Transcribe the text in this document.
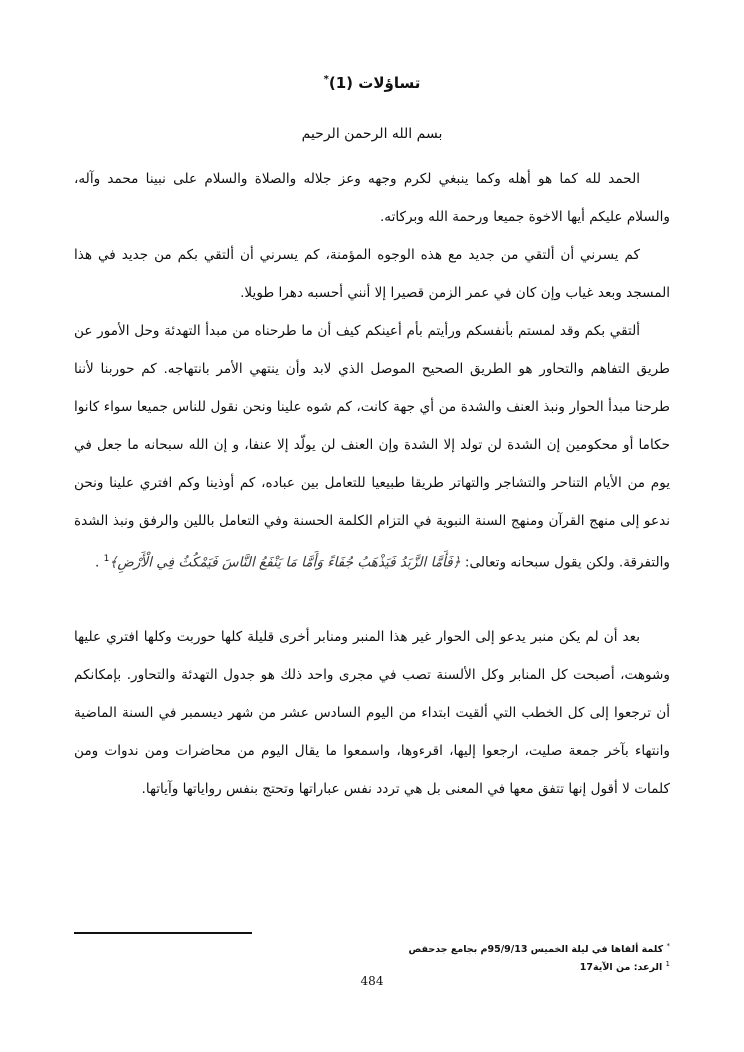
تساؤلات (1)*
بسم الله الرحمن الرحيم

الحمد لله كما هو أهله وكما ينبغي لكرم وجهه وعز جلاله والصلاة والسلام على نبينا محمد وآله، والسلام عليكم أيها الاخوة جميعا ورحمة الله وبركاته.

كم يسرني أن ألتقي من جديد مع هذه الوجوه المؤمنة، كم يسرني أن ألتقي بكم من جديد في هذا المسجد وبعد غياب وإن كان في عمر الزمن قصيرا إلا أنني أحسبه دهرا طويلا.

ألتقي بكم وقد لمستم بأنفسكم ورأيتم بأم أعينكم كيف أن ما طرحناه من مبدأ التهدئة وحل الأمور عن طريق التفاهم والتحاور هو الطريق الصحيح الموصل الذي لابد وأن ينتهي الأمر بانتهاجه. كم حوربنا لأننا طرحنا مبدأ الحوار ونبذ العنف والشدة من أي جهة كانت، كم شوه علينا ونحن نقول للناس جميعا سواء كانوا حكاما أو محكومين إن الشدة لن تولد إلا الشدة وإن العنف لن يولّد إلا عنفا، و إن الله سبحانه ما جعل في يوم من الأيام التناحر والتشاجر والتهاتر طريقا طبيعيا للتعامل بين عباده، كم أوذينا وكم افتري علينا ونحن ندعو إلى منهج القرآن ومنهج السنة النبوية في التزام الكلمة الحسنة وفي التعامل باللين والرفق ونبذ الشدة والتفرقة. ولكن يقول سبحانه وتعالى: ﴿فَأَمَّا الزَّبَدُ فَيَذْهَبُ جُفَاءً وَأَمَّا مَا يَنْفَعُ النَّاسَ فَيَمْكُثُ فِي الْأَرْضِ﴾$^1$ .

بعد أن لم يكن منبر يدعو إلى الحوار غير هذا المنبر ومنابر أخرى قليلة كلها حوربت وكلها افتري عليها وشوهت، أصبحت كل المنابر وكل الألسنة تصب في مجرى واحد ذلك هو جدول التهدئة والتحاور. بإمكانكم أن ترجعوا إلى كل الخطب التي ألقيت ابتداء من اليوم السادس عشر من شهر ديسمبر في السنة الماضية وانتهاء بآخر جمعة صليت، ارجعوا إليها، اقرءوها، واسمعوا ما يقال اليوم من محاضرات ومن ندوات ومن كلمات لا أقول إنها تتفق معها في المعنى بل هي تردد نفس عباراتها وتحتج بنفس رواياتها وآياتها.

* كلمة ألقاها في ليلة الخميس 95/9/13م بجامع جدحفص
$^1$ الرعد: من الآية17
484
